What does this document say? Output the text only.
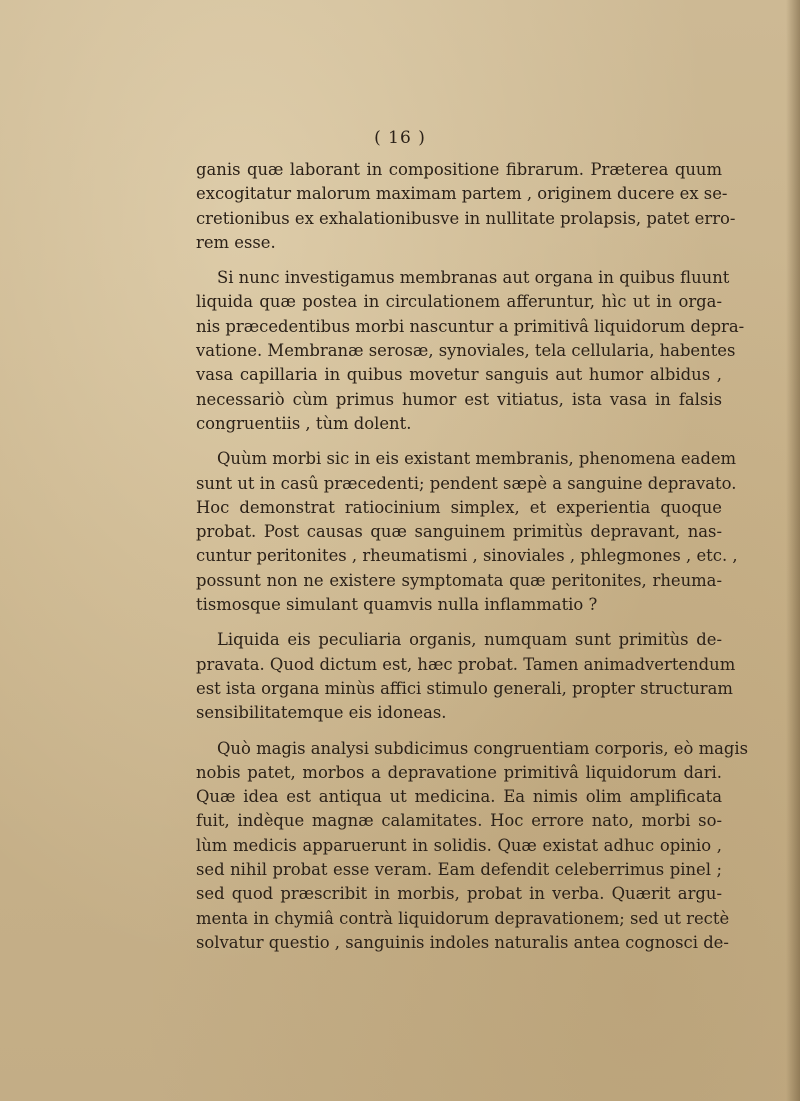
( 16 )

ganis quæ laborant in compositione fibrarum. Præterea quum
excogitatur malorum maximam partem , originem ducere ex se-
cretionibus ex exhalationibusve in nullitate prolapsis, patet erro-
rem esse.

Si nunc investigamus membranas aut organa in quibus fluunt
liquida quæ postea in circulationem afferuntur, hìc ut in orga-
nis præcedentibus morbi nascuntur a primitivâ liquidorum depra-
vatione. Membranæ serosæ, synoviales, tela cellularia, habentes
vasa capillaria in quibus movetur sanguis aut humor albidus ,
necessariò cùm primus humor est vitiatus, ista vasa in falsis
congruentiis , tùm dolent.

Quùm morbi sic in eis existant membranis, phenomena eadem
sunt ut in casû præcedenti; pendent sæpè a sanguine depravato.
Hoc demonstrat ratiocinium simplex, et experientia quoque
probat. Post causas quæ sanguinem primitùs depravant, nas-
cuntur peritonites , rheumatismi , sinoviales , phlegmones , etc. ,
possunt non ne existere symptomata quæ peritonites, rheuma-
tismosque simulant quamvis nulla inflammatio ?

Liquida eis peculiaria organis, numquam sunt primitùs de-
pravata. Quod dictum est, hæc probat. Tamen animadvertendum
est ista organa minùs affici stimulo generali, propter structuram
sensibilitatemque eis idoneas.

Quò magis analysi subdicimus congruentiam corporis, eò magis
nobis patet, morbos a depravatione primitivâ liquidorum dari.
Quæ idea est antiqua ut medicina. Ea nimis olim amplificata
fuit, indèque magnæ calamitates. Hoc errore nato, morbi so-
lùm medicis apparuerunt in solidis. Quæ existat adhuc opinio ,
sed nihil probat esse veram. Eam defendit celeberrimus pinel ;
sed quod præscribit in morbis, probat in verba. Quærit argu-
menta in chymiâ contrà liquidorum depravationem; sed ut rectè
solvatur questio , sanguinis indoles naturalis antea cognosci de-
